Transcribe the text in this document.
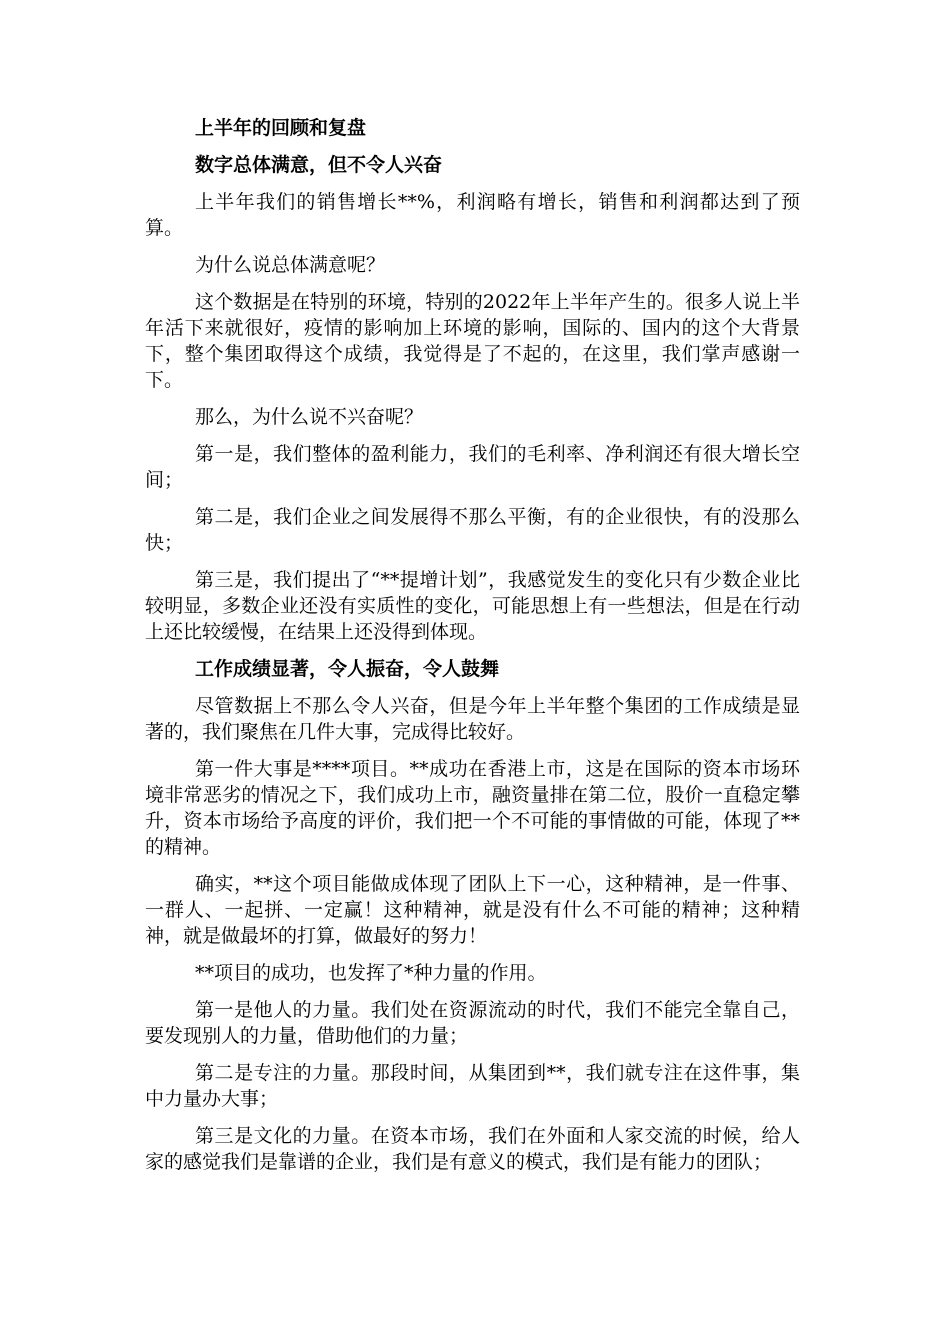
上半年的回顾和复盘
数字总体满意，但不令人兴奋

上半年我们的销售增长**%，利润略有增长，销售和利润都达到了预算。

为什么说总体满意呢？

这个数据是在特别的环境，特别的2022年上半年产生的。很多人说上半年活下来就很好，疫情的影响加上环境的影响，国际的、国内的这个大背景下，整个集团取得这个成绩，我觉得是了不起的，在这里，我们掌声感谢一下。

那么，为什么说不兴奋呢？

第一是，我们整体的盈利能力，我们的毛利率、净利润还有很大增长空间；

第二是，我们企业之间发展得不那么平衡，有的企业很快，有的没那么快；

第三是，我们提出了“**提增计划”，我感觉发生的变化只有少数企业比较明显，多数企业还没有实质性的变化，可能思想上有一些想法，但是在行动上还比较缓慢，在结果上还没得到体现。

工作成绩显著，令人振奋，令人鼓舞

尽管数据上不那么令人兴奋，但是今年上半年整个集团的工作成绩是显著的，我们聚焦在几件大事，完成得比较好。

第一件大事是****项目。**成功在香港上市，这是在国际的资本市场环境非常恶劣的情况之下，我们成功上市，融资量排在第二位，股价一直稳定攀升，资本市场给予高度的评价，我们把一个不可能的事情做的可能，体现了**的精神。

确实，**这个项目能做成体现了团队上下一心，这种精神，是一件事、一群人、一起拼、一定赢！这种精神，就是没有什么不可能的精神；这种精神，就是做最坏的打算，做最好的努力！

**项目的成功，也发挥了*种力量的作用。

第一是他人的力量。我们处在资源流动的时代，我们不能完全靠自己，要发现别人的力量，借助他们的力量；

第二是专注的力量。那段时间，从集团到**，我们就专注在这件事，集中力量办大事；

第三是文化的力量。在资本市场，我们在外面和人家交流的时候，给人家的感觉我们是靠谱的企业，我们是有意义的模式，我们是有能力的团队；
